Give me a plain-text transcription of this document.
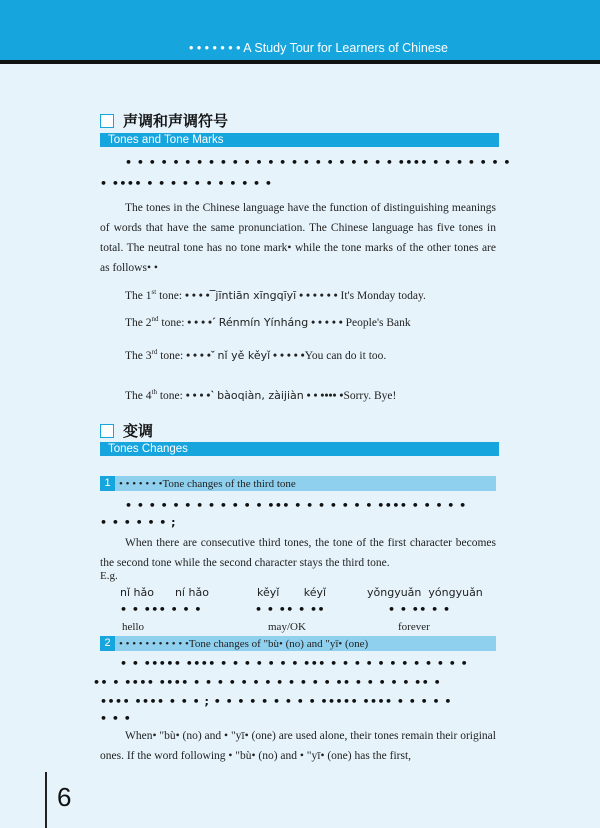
• • • • • • • A Study Tour for Learners of Chinese
声调和声调符号
Tones and Tone Marks
• • • • • • • • • • • • • • • • • • • • • • • •••• • • • • • • •
• •••• • • • • • • • • • • •
The tones in the Chinese language have the function of distinguishing meanings of words that have the same pronunciation. The Chinese language has five tones in total. The neutral tone has no tone mark• while the tone marks of the other tones are as follows• •
The 1st tone: • • • •¯jīntiān xīngqīyī • • • • • • It's Monday today.
The 2nd tone: • • • •ˊ Rénmín Yínháng • • • • • People's Bank
The 3rd tone: • • • •ˇ nǐ yě kěyǐ • • • • •You can do it too.
The 4th tone: • • • •ˋ bàoqiàn, zàijiàn • • •••• •Sorry. Bye!
变调
Tones Changes
1 • • • • • • •Tone changes of the third tone
• • • • • • • • • • • • ••• • • • • • • • •••• • • • • •
• • • • • • ;
When there are consecutive third tones, the tone of the first character becomes the second tone while the second character stays the third tone.
E.g.
nǐ hǎo ní hǎo	kěyǐ kéyǐ	yǒngyuǎn yóngyuǎn
• • ••• • • •	• • •• • ••	• • •• • •
hello	may/OK	forever
2 • • • • • • • • • • •Tone changes of "bù• (no) and "yī• (one)
• • ••••• •••• • • • • • • • ••• • • • • • • • • • • • •
•• • •••• •••• • • • • • • • • • • • • •• • • • • • •• •
•••• •••• • • • ; • • • • • • • • • ••••• •••• • • • • •
• • •
When• "bù• (no) and • "yī• (one) are used alone, their tones remain their original ones. If the word following • "bù• (no) and • "yī• (one) has the first,
6
